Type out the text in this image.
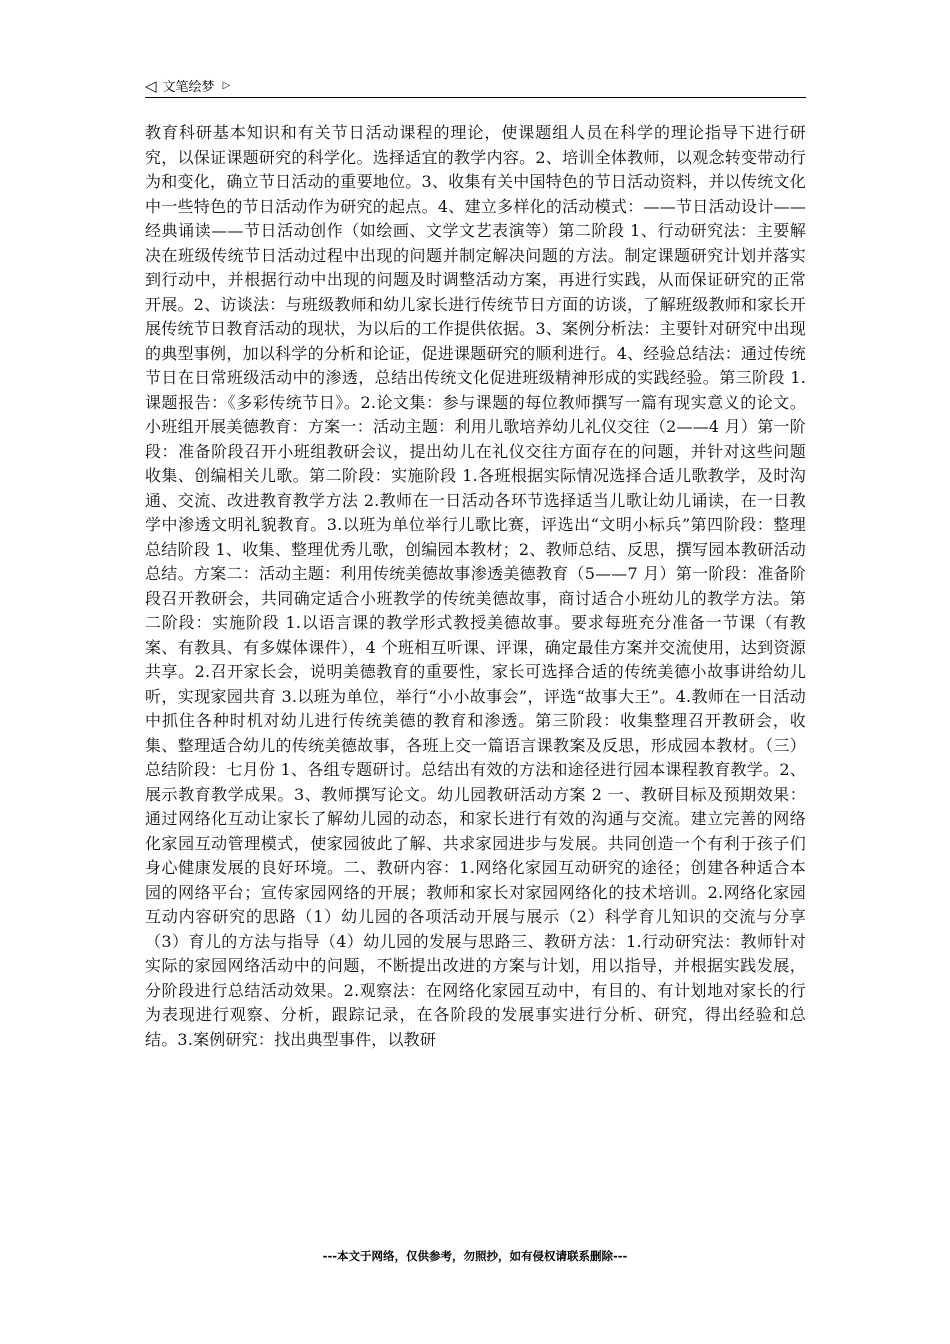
◁ 文笔绘梦 ▷

教育科研基本知识和有关节日活动课程的理论，使课题组人员在科学的理论指导下进行研究，以保证课题研究的科学化。选择适宜的教学内容。2、培训全体教师，以观念转变带动行为和变化，确立节日活动的重要地位。3、收集有关中国特色的节日活动资料，并以传统文化中一些特色的节日活动作为研究的起点。4、建立多样化的活动模式：——节日活动设计——经典诵读——节日活动创作（如绘画、文学文艺表演等）第二阶段 1、行动研究法：主要解决在班级传统节日活动过程中出现的问题并制定解决问题的方法。制定课题研究计划并落实到行动中，并根据行动中出现的问题及时调整活动方案，再进行实践，从而保证研究的正常开展。2、访谈法：与班级教师和幼儿家长进行传统节日方面的访谈，了解班级教师和家长开展传统节日教育活动的现状，为以后的工作提供依据。3、案例分析法：主要针对研究中出现的典型事例，加以科学的分析和论证，促进课题研究的顺利进行。4、经验总结法：通过传统节日在日常班级活动中的渗透，总结出传统文化促进班级精神形成的实践经验。第三阶段 1.课题报告：《多彩传统节日》。2.论文集：参与课题的每位教师撰写一篇有现实意义的论文。小班组开展美德教育：方案一：活动主题：利用儿歌培养幼儿礼仪交往（2——4 月）第一阶段：准备阶段召开小班组教研会议，提出幼儿在礼仪交往方面存在的问题，并针对这些问题收集、创编相关儿歌。第二阶段：实施阶段 1.各班根据实际情况选择合适儿歌教学，及时沟通、交流、改进教育教学方法 2.教师在一日活动各环节选择适当儿歌让幼儿诵读，在一日教学中渗透文明礼貌教育。3.以班为单位举行儿歌比赛，评选出“文明小标兵”第四阶段：整理总结阶段 1、收集、整理优秀儿歌，创编园本教材；2、教师总结、反思，撰写园本教研活动总结。方案二：活动主题：利用传统美德故事渗透美德教育（5——7 月）第一阶段：准备阶段召开教研会，共同确定适合小班教学的传统美德故事，商讨适合小班幼儿的教学方法。第二阶段：实施阶段 1.以语言课的教学形式教授美德故事。要求每班充分准备一节课（有教案、有教具、有多媒体课件），4 个班相互听课、评课，确定最佳方案并交流使用，达到资源共享。2.召开家长会，说明美德教育的重要性，家长可选择合适的传统美德小故事讲给幼儿听，实现家园共育 3.以班为单位，举行“小小故事会”，评选“故事大王”。4.教师在一日活动中抓住各种时机对幼儿进行传统美德的教育和渗透。第三阶段：收集整理召开教研会，收集、整理适合幼儿的传统美德故事，各班上交一篇语言课教案及反思，形成园本教材。（三）总结阶段：七月份 1、各组专题研讨。总结出有效的方法和途径进行园本课程教育教学。2、展示教育教学成果。3、教师撰写论文。幼儿园教研活动方案 2 一、教研目标及预期效果：通过网络化互动让家长了解幼儿园的动态，和家长进行有效的沟通与交流。建立完善的网络化家园互动管理模式，使家园彼此了解、共求家园进步与发展。共同创造一个有利于孩子们身心健康发展的良好环境。二、教研内容：1.网络化家园互动研究的途径；创建各种适合本园的网络平台；宣传家园网络的开展；教师和家长对家园网络化的技术培训。2.网络化家园互动内容研究的思路（1）幼儿园的各项活动开展与展示（2）科学育儿知识的交流与分享（3）育儿的方法与指导（4）幼儿园的发展与思路三、教研方法：1.行动研究法：教师针对实际的家园网络活动中的问题，不断提出改进的方案与计划，用以指导，并根据实践发展，分阶段进行总结活动效果。2.观察法：在网络化家园互动中，有目的、有计划地对家长的行为表现进行观察、分析，跟踪记录，在各阶段的发展事实进行分析、研究，得出经验和总结。3.案例研究：找出典型事件，以教研

---本文于网络，仅供参考，勿照抄，如有侵权请联系删除---
